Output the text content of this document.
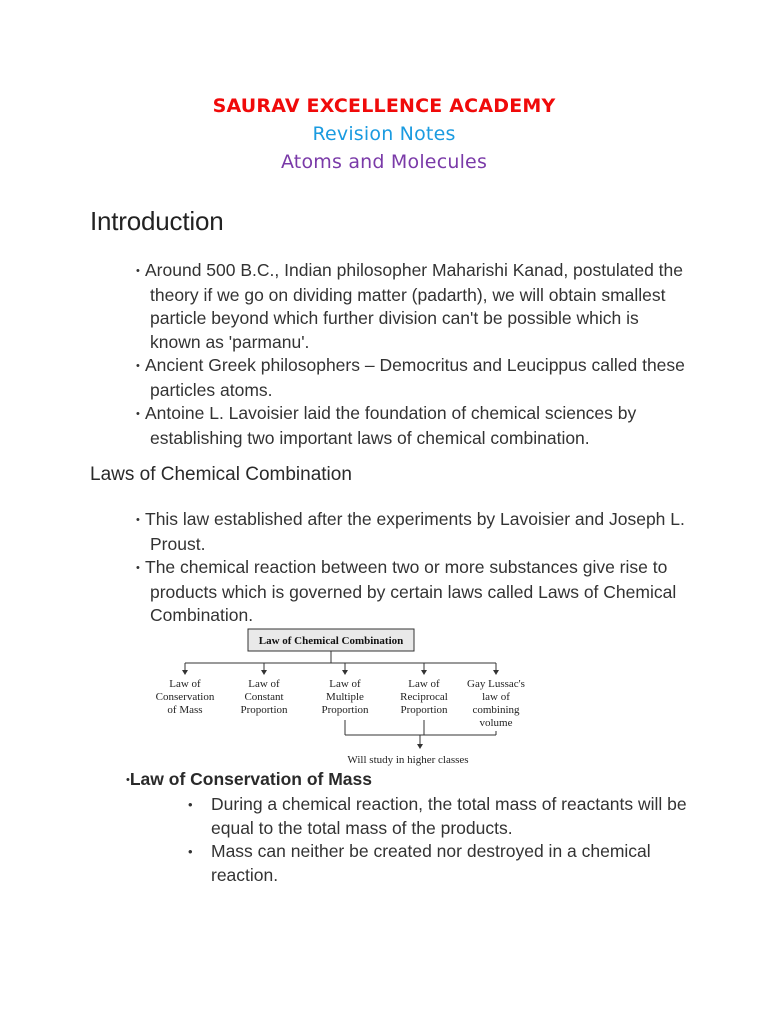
SAURAV EXCELLENCE ACADEMY
Revision Notes
Atoms and Molecules
Introduction
• Around 500 B.C., Indian philosopher Maharishi Kanad, postulated the theory if we go on dividing matter (padarth), we will obtain smallest particle beyond which further division can't be possible which is known as 'parmanu'.
• Ancient Greek philosophers – Democritus and Leucippus called these particles atoms.
• Antoine L. Lavoisier laid the foundation of chemical sciences by establishing two important laws of chemical combination.
Laws of Chemical Combination
• This law established after the experiments by Lavoisier and Joseph L. Proust.
• The chemical reaction between two or more substances give rise to products which is governed by certain laws called Laws of Chemical Combination.
Law of Chemical Combination
Law of
Conservation
of Mass
Law of
Constant
Proportion
Law of
Multiple
Proportion
Law of
Reciprocal
Proportion
Gay Lussac's
law of
combining
volume
Will study in higher classes
•Law of Conservation of Mass
• During a chemical reaction, the total mass of reactants will be equal to the total mass of the products.
• Mass can neither be created nor destroyed in a chemical reaction.
